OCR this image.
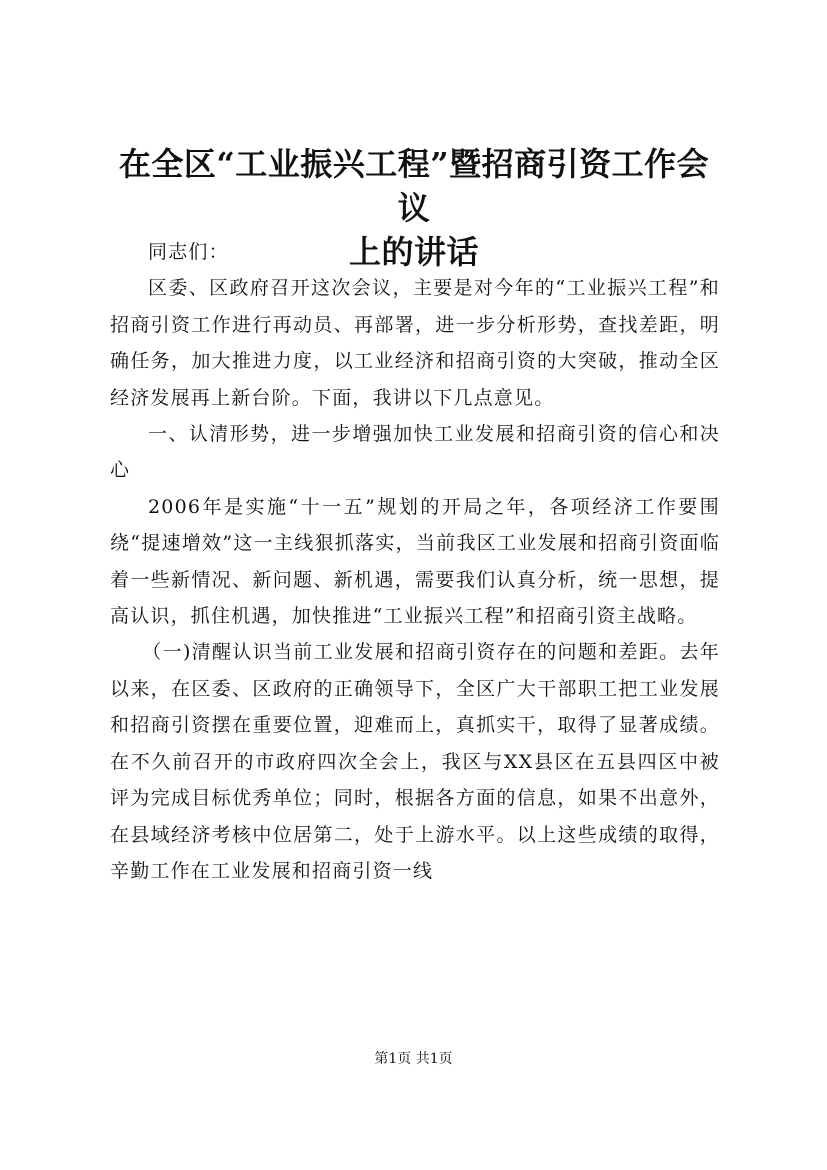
在全区“工业振兴工程”暨招商引资工作会议
上的讲话

同志们：

区委、区政府召开这次会议，主要是对今年的“工业振兴工程”和招商引资工作进行再动员、再部署，进一步分析形势，查找差距，明确任务，加大推进力度，以工业经济和招商引资的大突破，推动全区经济发展再上新台阶。下面，我讲以下几点意见。

一、认清形势，进一步增强加快工业发展和招商引资的信心和决心

2006年是实施“十一五”规划的开局之年，各项经济工作要围绕“提速增效”这一主线狠抓落实，当前我区工业发展和招商引资面临着一些新情况、新问题、新机遇，需要我们认真分析，统一思想，提高认识，抓住机遇，加快推进“工业振兴工程”和招商引资主战略。

（一)清醒认识当前工业发展和招商引资存在的问题和差距。去年以来，在区委、区政府的正确领导下，全区广大干部职工把工业发展和招商引资摆在重要位置，迎难而上，真抓实干，取得了显著成绩。在不久前召开的市政府四次全会上，我区与XX县区在五县四区中被评为完成目标优秀单位；同时，根据各方面的信息，如果不出意外，在县域经济考核中位居第二，处于上游水平。以上这些成绩的取得，辛勤工作在工业发展和招商引资一线

第1页 共1页
